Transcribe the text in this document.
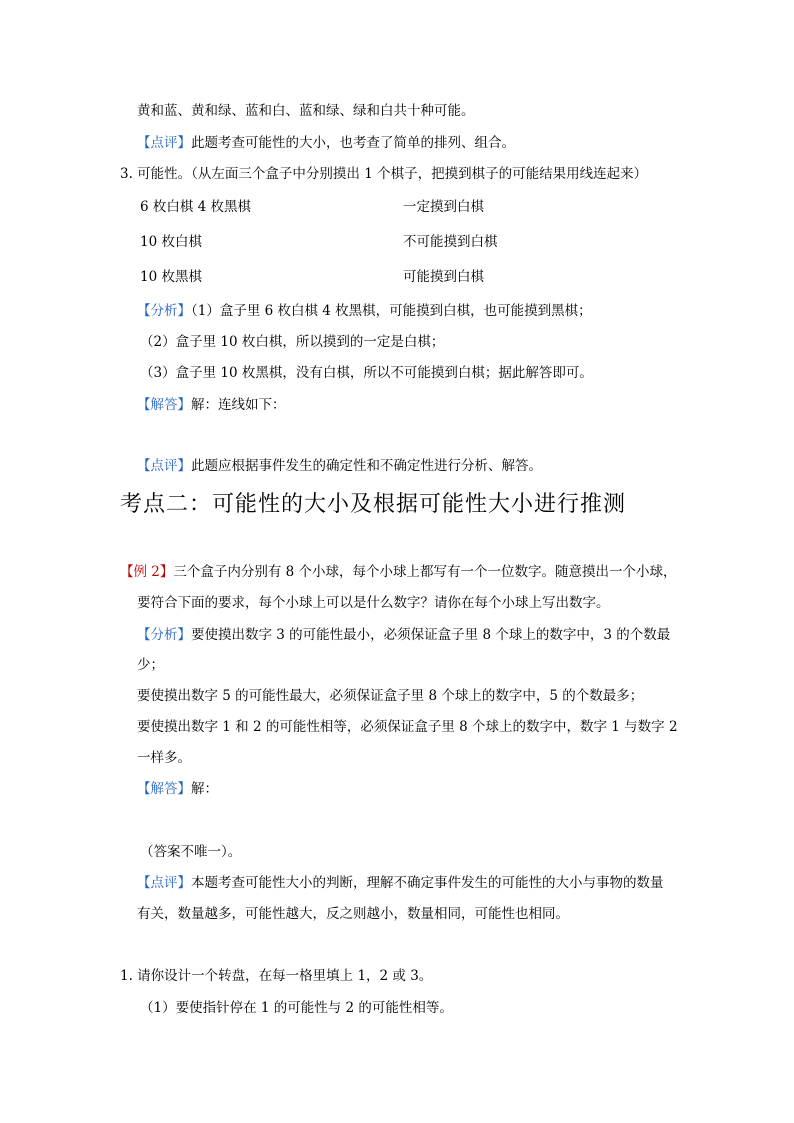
黄和蓝、黄和绿、蓝和白、蓝和绿、绿和白共十种可能。
【点评】此题考查可能性的大小，也考查了简单的排列、组合。
3. 可能性。（从左面三个盒子中分别摸出 1 个棋子，把摸到棋子的可能结果用线连起来）
6 枚白棋 4 枚黑棋	一定摸到白棋
10 枚白棋	不可能摸到白棋
10 枚黑棋	可能摸到白棋
【分析】（1）盒子里 6 枚白棋 4 枚黑棋，可能摸到白棋，也可能摸到黑棋；
（2）盒子里 10 枚白棋，所以摸到的一定是白棋；
（3）盒子里 10 枚黑棋，没有白棋，所以不可能摸到白棋；据此解答即可。
【解答】解：连线如下：
【点评】此题应根据事件发生的确定性和不确定性进行分析、解答。
考点二：可能性的大小及根据可能性大小进行推测
【例 2】三个盒子内分别有 8 个小球，每个小球上都写有一个一位数字。随意摸出一个小球，
要符合下面的要求，每个小球上可以是什么数字？请你在每个小球上写出数字。
【分析】要使摸出数字 3 的可能性最小，必须保证盒子里 8 个球上的数字中，3 的个数最
少；
要使摸出数字 5 的可能性最大，必须保证盒子里 8 个球上的数字中，5 的个数最多；
要使摸出数字 1 和 2 的可能性相等，必须保证盒子里 8 个球上的数字中，数字 1 与数字 2
一样多。
【解答】解：
（答案不唯一）。
【点评】本题考查可能性大小的判断，理解不确定事件发生的可能性的大小与事物的数量
有关，数量越多，可能性越大，反之则越小，数量相同，可能性也相同。
1. 请你设计一个转盘，在每一格里填上 1，2 或 3。
（1）要使指针停在 1 的可能性与 2 的可能性相等。
